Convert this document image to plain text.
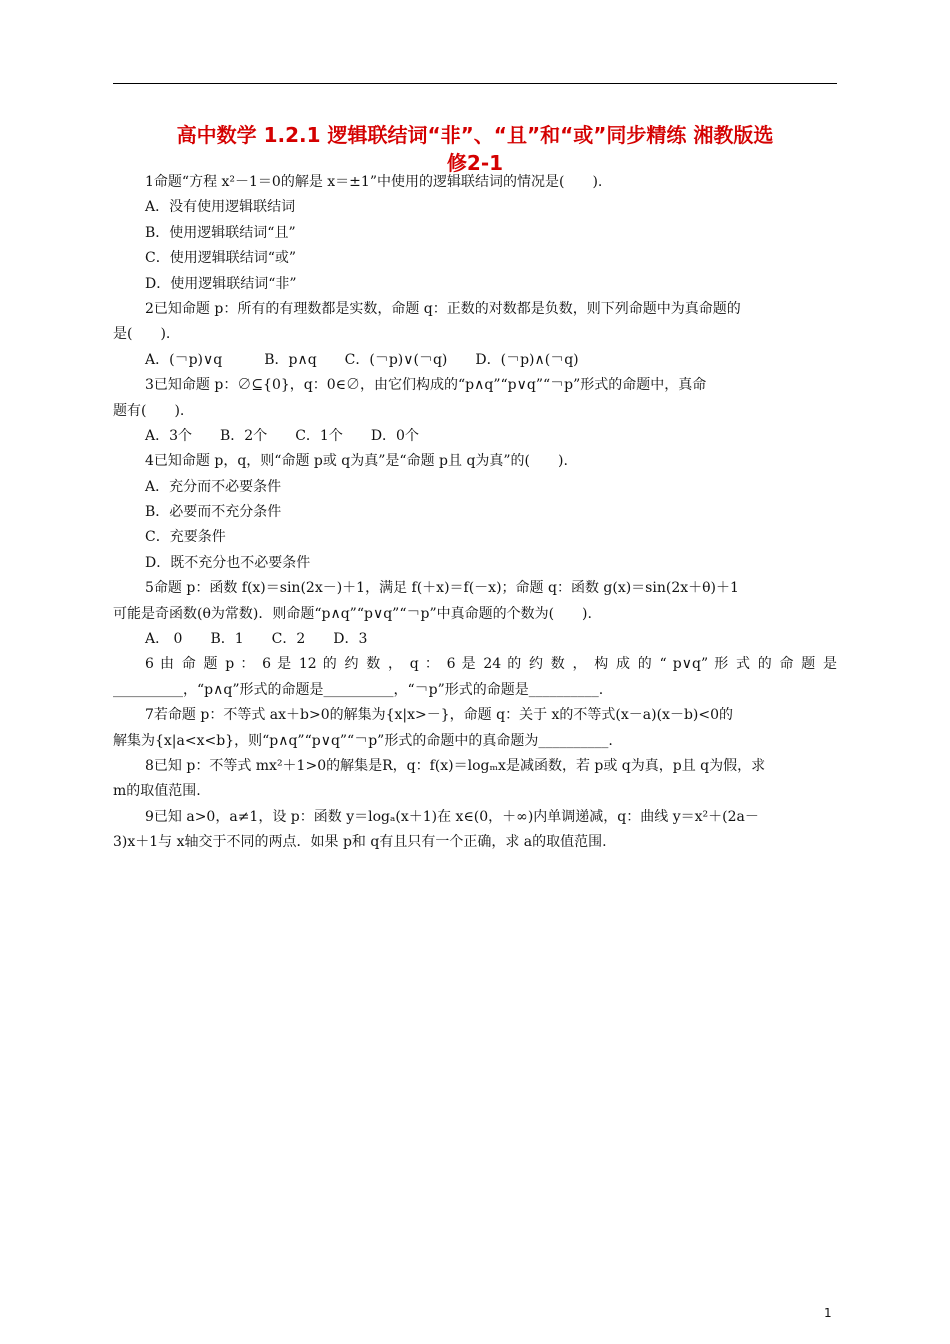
高中数学 1.2.1 逻辑联结词“非”、“且”和“或”同步精练 湘教版选
修2-1
1命题“方程 x²－1＝0的解是 x＝±1”中使用的逻辑联结词的情况是(　　).
A．没有使用逻辑联结词
B．使用逻辑联结词“且”
C．使用逻辑联结词“或”
D．使用逻辑联结词“非”
2已知命题 p：所有的有理数都是实数，命题 q：正数的对数都是负数，则下列命题中为真命题的
是(　　).
A．(￢p)∨q　　　B．p∧q　　C．(￢p)∨(￢q)　　D．(￢p)∧(￢q)
3已知命题 p：∅⊆{0}，q：0∈∅，由它们构成的“p∧q”“p∨q”“￢p”形式的命题中，真命
题有(　　).
A．3个　　B．2个　　C．1个　　D．0个
4已知命题 p，q，则“命题 p或 q为真”是“命题 p且 q为真”的(　　).
A．充分而不必要条件
B．必要而不充分条件
C．充要条件
D．既不充分也不必要条件
5命题 p：函数 f(x)＝sin(2x－)＋1，满足 f(＋x)＝f(－x)；命题 q：函数 g(x)＝sin(2x＋θ)＋1
可能是奇函数(θ为常数)．则命题“p∧q”“p∨q”“￢p”中真命题的个数为(　　).
A． 0　　B．1　　C．2　　D．3
6 由 命 题 p ： 6 是 12 的 约 数 ， q ： 6 是 24 的 约 数 ， 构 成 的 “ p∨q” 形 式 的 命 题 是
__________，“p∧q”形式的命题是__________，“￢p”形式的命题是__________.
7若命题 p：不等式 ax＋b>0的解集为{x|x>－}，命题 q：关于 x的不等式(x－a)(x－b)<0的
解集为{x|a<x<b}，则“p∧q”“p∨q”“￢p”形式的命题中的真命题为__________.
8已知 p：不等式 mx²＋1>0的解集是R，q：f(x)＝logₘx是减函数，若 p或 q为真，p且 q为假，求
m的取值范围.
9已知 a>0，a≠1，设 p：函数 y＝logₐ(x＋1)在 x∈(0，＋∞)内单调递减，q：曲线 y＝x²＋(2a－
3)x＋1与 x轴交于不同的两点．如果 p和 q有且只有一个正确，求 a的取值范围.
1
